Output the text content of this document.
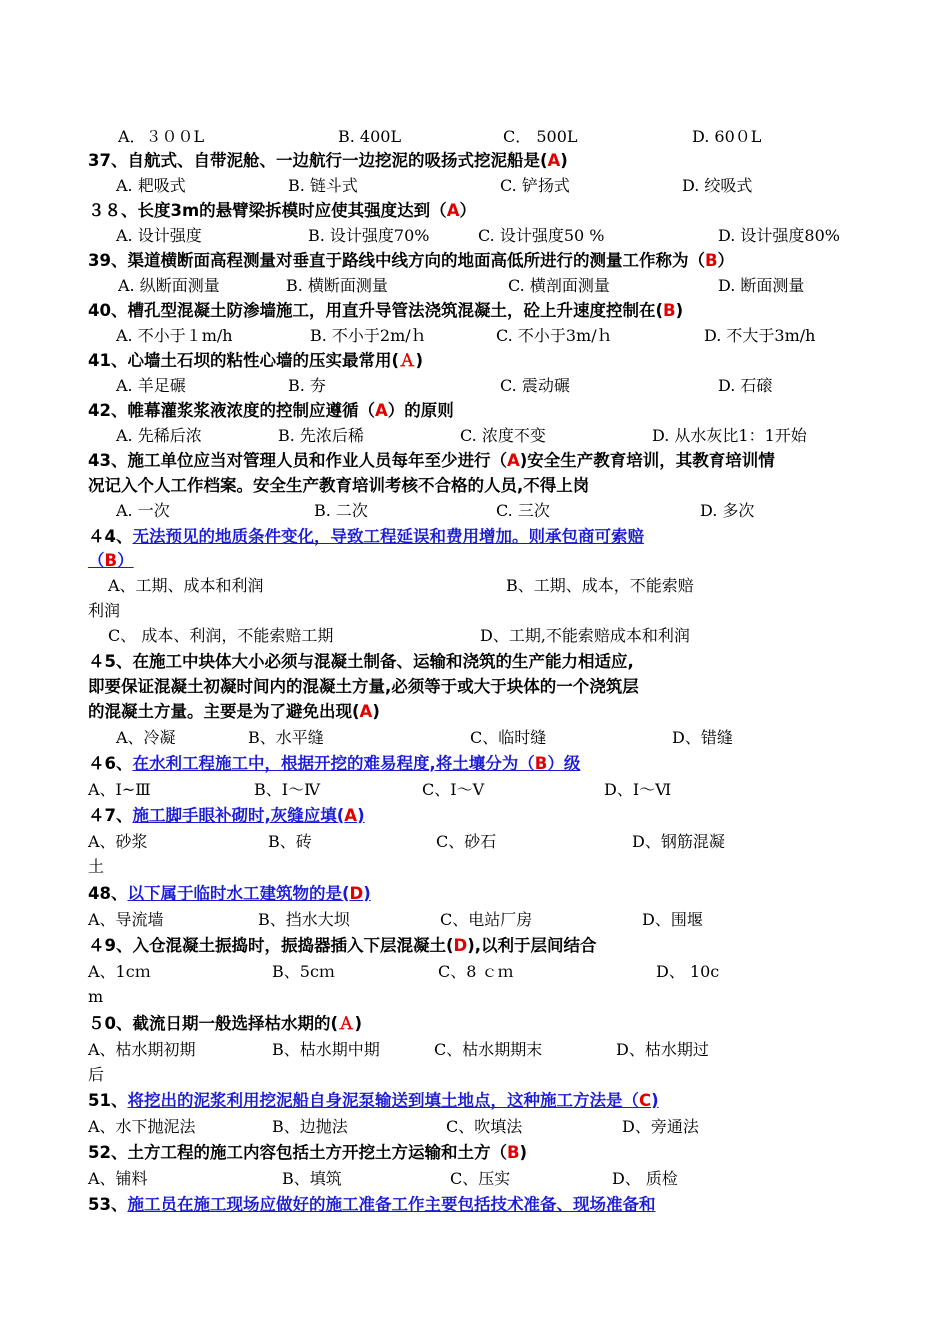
A．３００L	B. 400L	C． 500L	D. 60０L
37、自航式、自带泥舱、一边航行一边挖泥的吸扬式挖泥船是(A)
A. 耙吸式	B. 链斗式	C. 铲扬式	D. 绞吸式
３８、长度3m的悬臂梁拆模时应使其强度达到（A）
A. 设计强度	B. 设计强度70%	C. 设计强度50 %	D. 设计强度80%
39、渠道横断面高程测量对垂直于路线中线方向的地面高低所进行的测量工作称为（B）
A. 纵断面测量	B. 横断面测量	C. 横剖面测量	D. 断面测量
40、槽孔型混凝土防渗墙施工，用直升导管法浇筑混凝土，砼上升速度控制在(B)
A. 不小于１m/h	B. 不小于2m/ｈ	C. 不小于3m/ｈ	D. 不大于3m/h
41、心墙土石坝的粘性心墙的压实最常用(Ａ)
A. 羊足碾	B. 夯	C. 震动碾	D. 石磙
42、帷幕灌浆浆液浓度的控制应遵循（A）的原则
A. 先稀后浓	B. 先浓后稀	C. 浓度不变	D. 从水灰比1：1开始
43、施工单位应当对管理人员和作业人员每年至少进行（A)安全生产教育培训，其教育培训情
况记入个人工作档案。安全生产教育培训考核不合格的人员,不得上岗
A. 一次	B. 二次	C. 三次	D. 多次
４4、无法预见的地质条件变化，导致工程延误和费用增加。则承包商可索赔
（B）
A、工期、成本和利润	B、工期、成本，不能索赔
利润
C、 成本、利润，不能索赔工期	D、工期,不能索赔成本和利润
４5、在施工中块体大小必须与混凝土制备、运输和浇筑的生产能力相适应,
即要保证混凝土初凝时间内的混凝土方量,必须等于或大于块体的一个浇筑层
的混凝土方量。主要是为了避免出现(A)
A、冷凝	B、水平缝	C、临时缝	D、错缝
４6、在水利工程施工中，根据开挖的难易程度,将土壤分为（B）级
A、Ⅰ~Ⅲ	B、Ⅰ～Ⅳ	C、Ⅰ～Ⅴ	D、Ⅰ～Ⅵ
４7、施工脚手眼补砌时,灰缝应填(A)
A、砂浆	B、砖	C、砂石	D、钢筋混凝
土
48、以下属于临时水工建筑物的是(D)
A、导流墙	B、挡水大坝	C、电站厂房	D、围堰
４9、入仓混凝土振捣时，振捣器插入下层混凝土(D),以利于层间结合
A、1cｍ	B、5cｍ	C、8 ｃｍ	D、 10c
m
５0、截流日期一般选择枯水期的(Ａ)
A、枯水期初期	B、枯水期中期	C、枯水期期末	D、枯水期过
后
51、将挖出的泥浆利用挖泥船自身泥泵输送到填土地点，这种施工方法是（C)
A、水下抛泥法	B、边抛法	C、吹填法	D、旁通法
52、土方工程的施工内容包括土方开挖土方运输和土方（B)
A、铺料	B、填筑	C、压实	D、 质检
53、施工员在施工现场应做好的施工准备工作主要包括技术准备、现场准备和
